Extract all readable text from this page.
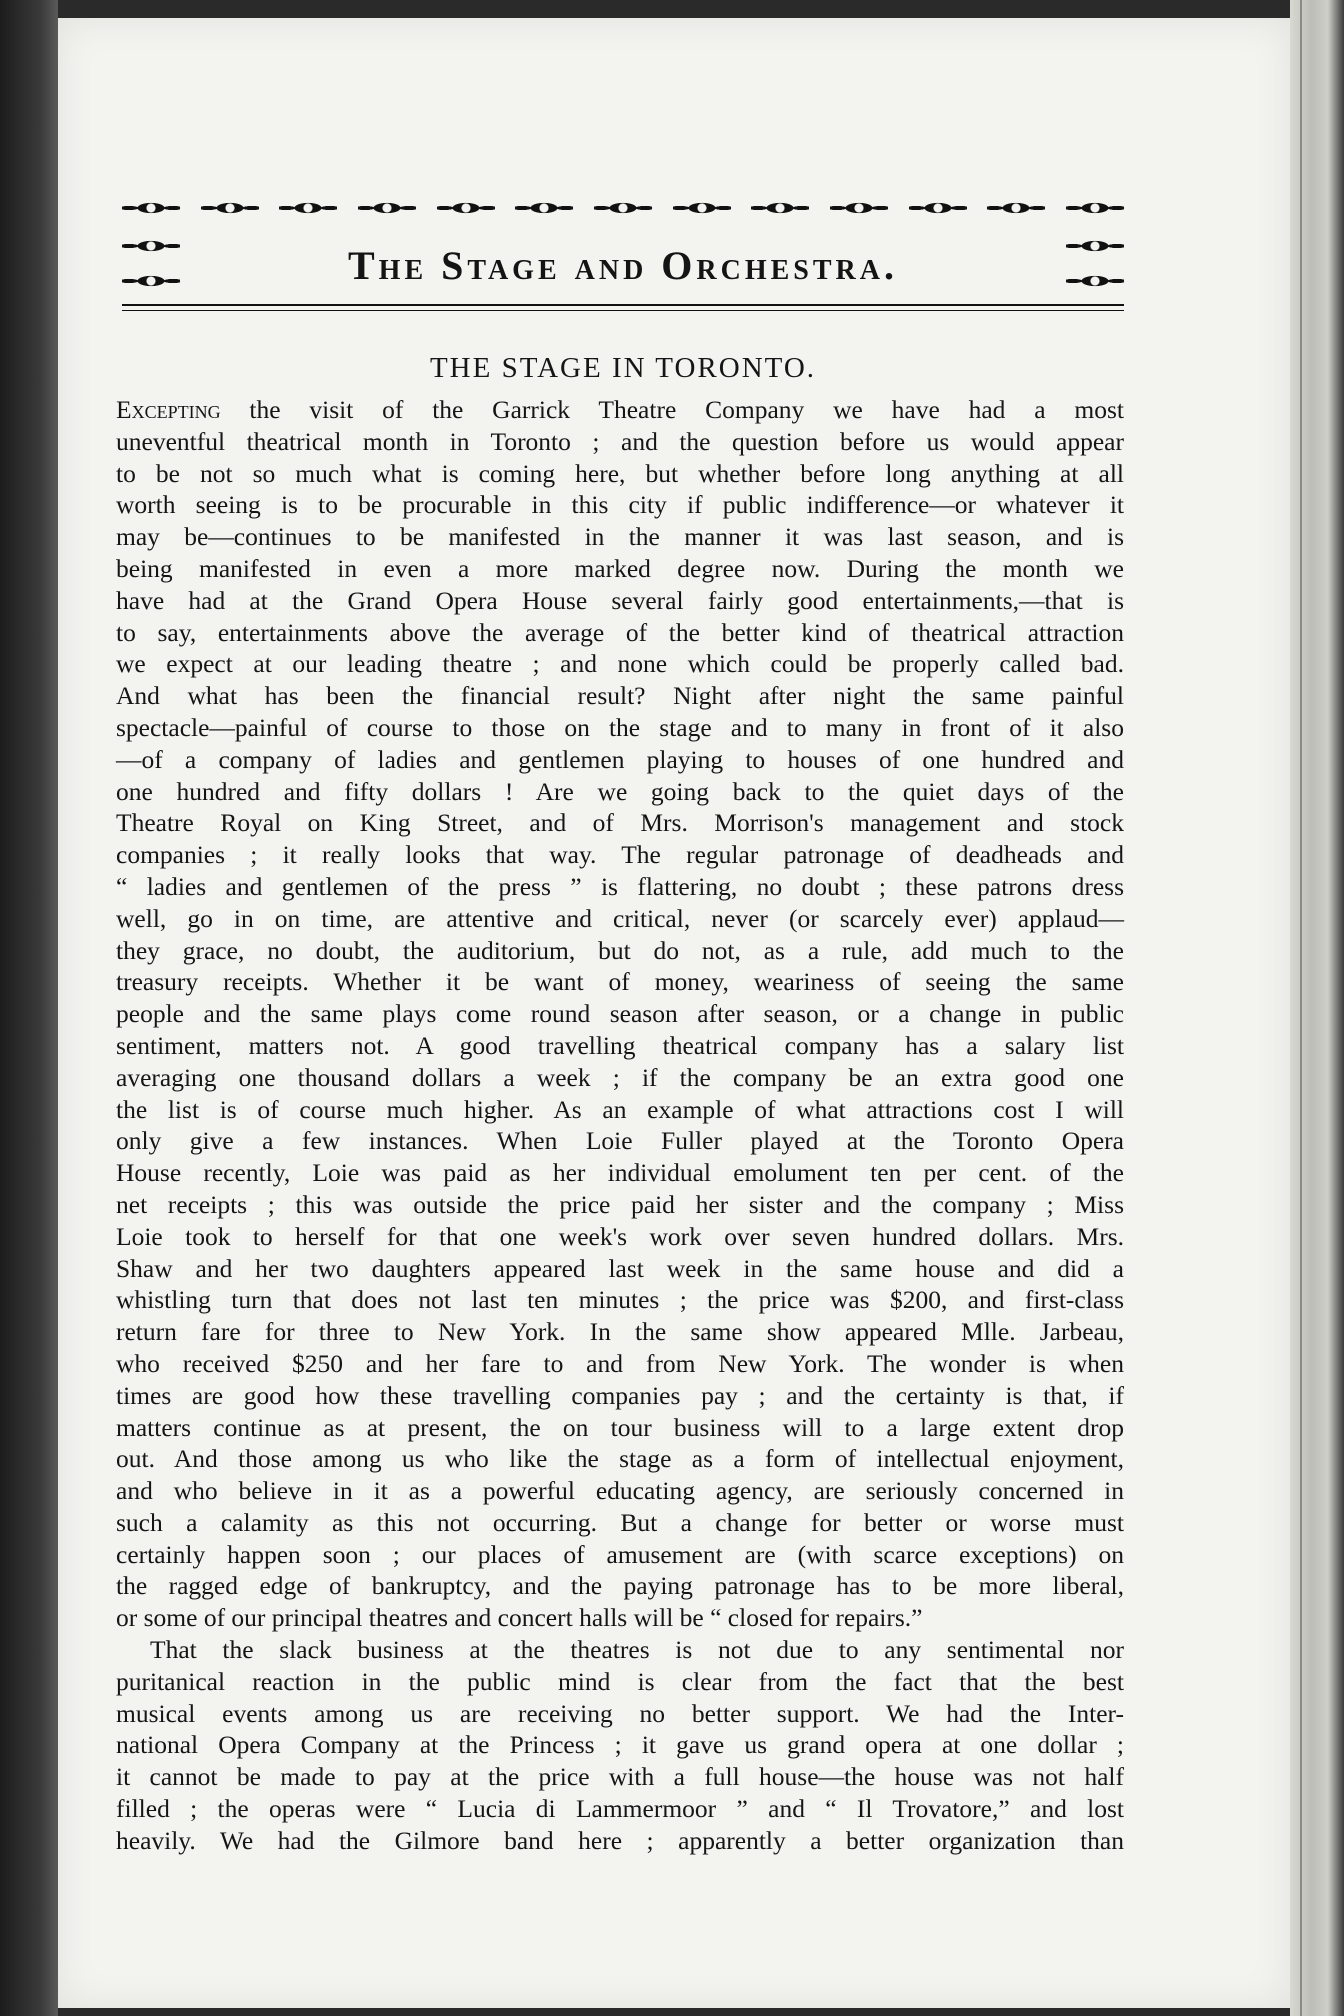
The Stage and Orchestra.
THE STAGE IN TORONTO.
Excepting the visit of the Garrick Theatre Company we have had a most
uneventful theatrical month in Toronto ; and the question before us would appear
to be not so much what is coming here, but whether before long anything at all
worth seeing is to be procurable in this city if public indifference—or whatever it
may be—continues to be manifested in the manner it was last season, and is
being manifested in even a more marked degree now. During the month we
have had at the Grand Opera House several fairly good entertainments,—that is
to say, entertainments above the average of the better kind of theatrical attraction
we expect at our leading theatre ; and none which could be properly called bad.
And what has been the financial result? Night after night the same painful
spectacle—painful of course to those on the stage and to many in front of it also
—of a company of ladies and gentlemen playing to houses of one hundred and
one hundred and fifty dollars ! Are we going back to the quiet days of the
Theatre Royal on King Street, and of Mrs. Morrison's management and stock
companies ; it really looks that way. The regular patronage of deadheads and
“ ladies and gentlemen of the press ” is flattering, no doubt ; these patrons dress
well, go in on time, are attentive and critical, never (or scarcely ever) applaud—
they grace, no doubt, the auditorium, but do not, as a rule, add much to the
treasury receipts. Whether it be want of money, weariness of seeing the same
people and the same plays come round season after season, or a change in public
sentiment, matters not. A good travelling theatrical company has a salary list
averaging one thousand dollars a week ; if the company be an extra good one
the list is of course much higher. As an example of what attractions cost I will
only give a few instances. When Loie Fuller played at the Toronto Opera
House recently, Loie was paid as her individual emolument ten per cent. of the
net receipts ; this was outside the price paid her sister and the company ; Miss
Loie took to herself for that one week's work over seven hundred dollars. Mrs.
Shaw and her two daughters appeared last week in the same house and did a
whistling turn that does not last ten minutes ; the price was $200, and first-class
return fare for three to New York. In the same show appeared Mlle. Jarbeau,
who received $250 and her fare to and from New York. The wonder is when
times are good how these travelling companies pay ; and the certainty is that, if
matters continue as at present, the on tour business will to a large extent drop
out. And those among us who like the stage as a form of intellectual enjoyment,
and who believe in it as a powerful educating agency, are seriously concerned in
such a calamity as this not occurring. But a change for better or worse must
certainly happen soon ; our places of amusement are (with scarce exceptions) on
the ragged edge of bankruptcy, and the paying patronage has to be more liberal,
or some of our principal theatres and concert halls will be “ closed for repairs.”
That the slack business at the theatres is not due to any sentimental nor
puritanical reaction in the public mind is clear from the fact that the best
musical events among us are receiving no better support. We had the Inter-
national Opera Company at the Princess ; it gave us grand opera at one dollar ;
it cannot be made to pay at the price with a full house—the house was not half
filled ; the operas were “ Lucia di Lammermoor ” and “ Il Trovatore,” and lost
heavily. We had the Gilmore band here ; apparently a better organization than
